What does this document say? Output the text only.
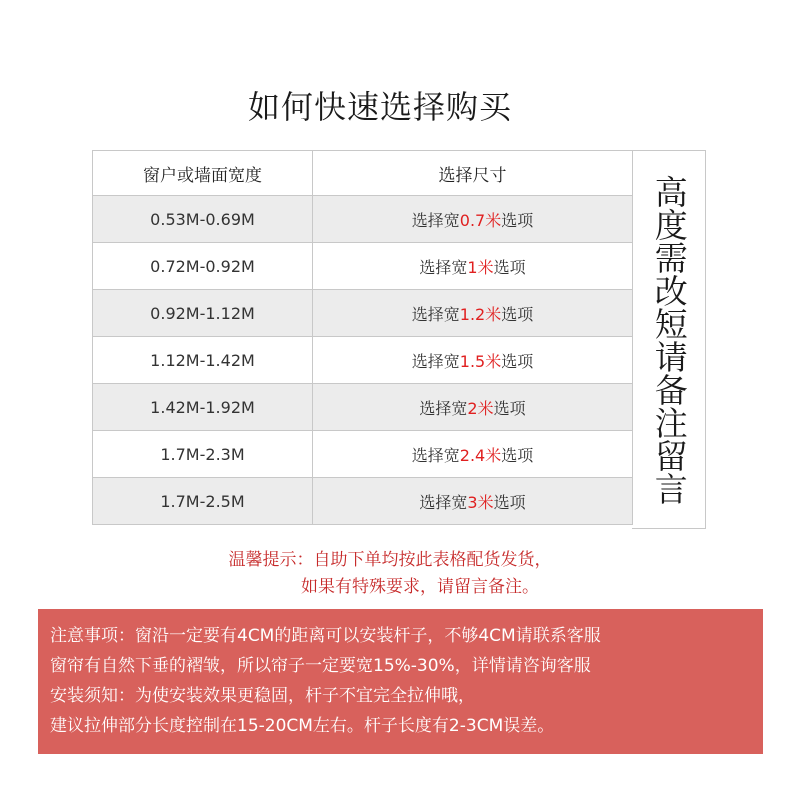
如何快速选择购买
窗户或墙面宽度	选择尺寸
0.53M-0.69M	选择宽 0.7米 选项
0.72M-0.92M	选择宽 1米 选项
0.92M-1.12M	选择宽 1.2米 选项
1.12M-1.42M	选择宽 1.5米 选项
1.42M-1.92M	选择宽 2米 选项
1.7M-2.3M	选择宽 2.4米 选项
1.7M-2.5M	选择宽 3米 选项	高度需改短请备注留言
温馨提示：自助下单均按此表格配货发货，
如果有特殊要求，请留言备注。
注意事项：窗沿一定要有4CM的距离可以安装杆子，不够4CM请联系客服
窗帘有自然下垂的褶皱，所以帘子一定要宽15%-30%，详情请咨询客服
安装须知：为使安装效果更稳固，杆子不宜完全拉伸哦，
建议拉伸部分长度控制在15-20CM左右。杆子长度有2-3CM误差。
